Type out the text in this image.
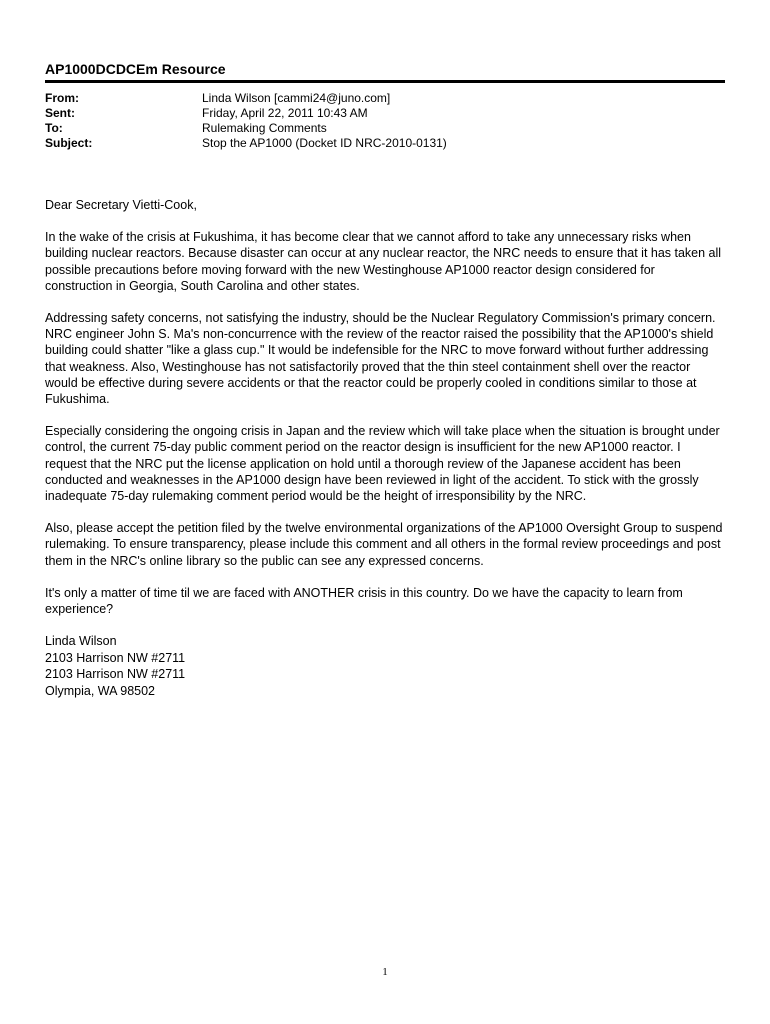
AP1000DCDCEm Resource
From:	Linda Wilson [cammi24@juno.com]
Sent:	Friday, April 22, 2011 10:43 AM
To:	Rulemaking Comments
Subject:	Stop the AP1000 (Docket ID NRC-2010-0131)

Dear Secretary Vietti-Cook,

In the wake of the crisis at Fukushima, it has become clear that we cannot afford to take any unnecessary risks when building nuclear reactors. Because disaster can occur at any nuclear reactor, the NRC needs to ensure that it has taken all possible precautions before moving forward with the new Westinghouse AP1000 reactor design considered for construction in Georgia, South Carolina and other states.

Addressing safety concerns, not satisfying the industry, should be the Nuclear Regulatory Commission's primary concern. NRC engineer John S. Ma's non-concurrence with the review of the reactor raised the possibility that the AP1000's shield building could shatter "like a glass cup." It would be indefensible for the NRC to move forward without further addressing that weakness. Also, Westinghouse has not satisfactorily proved that the thin steel containment shell over the reactor would be effective during severe accidents or that the reactor could be properly cooled in conditions similar to those at Fukushima.

Especially considering the ongoing crisis in Japan and the review which will take place when the situation is brought under control, the current 75-day public comment period on the reactor design is insufficient for the new AP1000 reactor. I request that the NRC put the license application on hold until a thorough review of the Japanese accident has been conducted and weaknesses in the AP1000 design have been reviewed in light of the accident. To stick with the grossly inadequate 75-day rulemaking comment period would be the height of irresponsibility by the NRC.

Also, please accept the petition filed by the twelve environmental organizations of the AP1000 Oversight Group to suspend rulemaking. To ensure transparency, please include this comment and all others in the formal review proceedings and post them in the NRC's online library so the public can see any expressed concerns.

It's only a matter of time til we are faced with ANOTHER crisis in this country. Do we have the capacity to learn from experience?

Linda Wilson
2103 Harrison NW #2711
2103 Harrison NW #2711
Olympia, WA 98502
1
